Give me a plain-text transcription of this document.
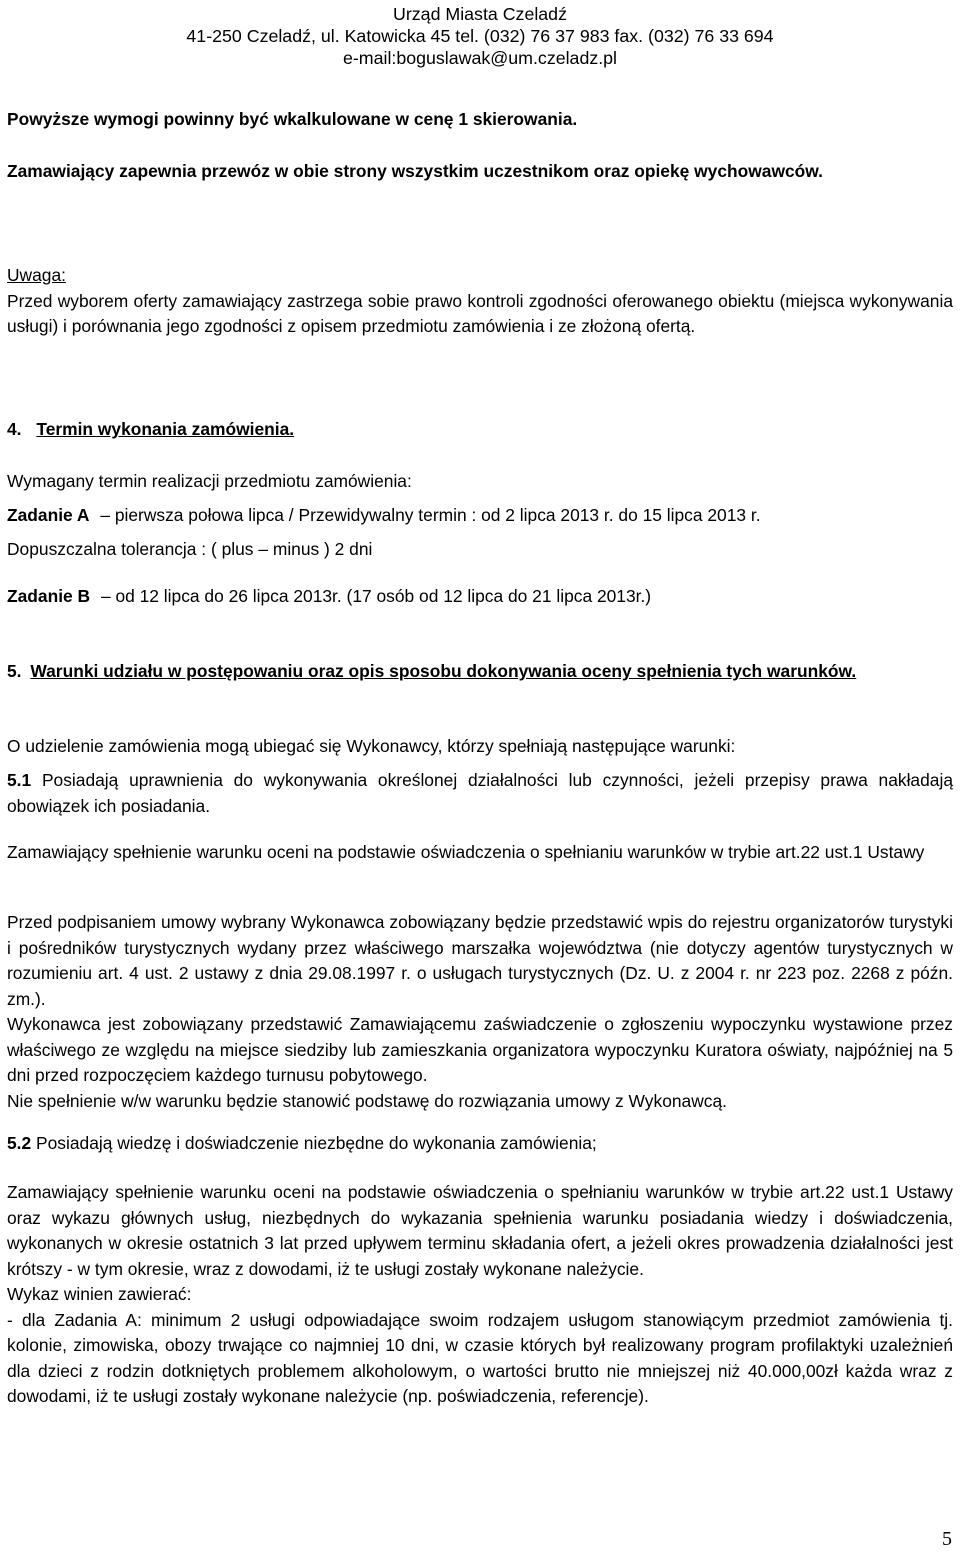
Urząd Miasta Czeladź
41-250 Czeladź, ul. Katowicka 45 tel. (032) 76 37 983 fax. (032) 76 33 694
e-mail:boguslawak@um.czeladz.pl

Powyższe wymogi powinny być wkalkulowane w cenę 1 skierowania.

Zamawiający zapewnia przewóz w obie strony wszystkim uczestnikom oraz opiekę wychowawców.

Uwaga:

Przed wyborem oferty zamawiający zastrzega sobie prawo kontroli zgodności oferowanego obiektu (miejsca wykonywania usługi) i porównania jego zgodności z opisem przedmiotu zamówienia i ze złożoną ofertą.

4. Termin wykonania zamówienia.

Wymagany termin realizacji przedmiotu zamówienia:

Zadanie A – pierwsza połowa lipca / Przewidywalny termin : od 2 lipca 2013 r. do 15 lipca 2013 r.

Dopuszczalna tolerancja : ( plus – minus ) 2 dni

Zadanie B – od 12 lipca do 26 lipca 2013r. (17 osób od 12 lipca do 21 lipca 2013r.)

5. Warunki udziału w postępowaniu oraz opis sposobu dokonywania oceny spełnienia tych warunków.

O udzielenie zamówienia mogą ubiegać się Wykonawcy, którzy spełniają następujące warunki:

5.1 Posiadają uprawnienia do wykonywania określonej działalności lub czynności, jeżeli przepisy prawa nakładają obowiązek ich posiadania.

Zamawiający spełnienie warunku oceni na podstawie oświadczenia o spełnianiu warunków w trybie art.22 ust.1 Ustawy

Przed podpisaniem umowy wybrany Wykonawca zobowiązany będzie przedstawić wpis do rejestru organizatorów turystyki i pośredników turystycznych wydany przez właściwego marszałka województwa (nie dotyczy agentów turystycznych w rozumieniu art. 4 ust. 2 ustawy z dnia 29.08.1997 r. o usługach turystycznych (Dz. U. z 2004 r. nr 223 poz. 2268 z późn. zm.).

Wykonawca jest zobowiązany przedstawić Zamawiającemu zaświadczenie o zgłoszeniu wypoczynku wystawione przez właściwego ze względu na miejsce siedziby lub zamieszkania organizatora wypoczynku Kuratora oświaty, najpóźniej na 5 dni przed rozpoczęciem każdego turnusu pobytowego.

Nie spełnienie w/w warunku będzie stanowić podstawę do rozwiązania umowy z Wykonawcą.

5.2 Posiadają wiedzę i doświadczenie niezbędne do wykonania zamówienia;

Zamawiający spełnienie warunku oceni na podstawie oświadczenia o spełnianiu warunków w trybie art.22 ust.1 Ustawy oraz wykazu głównych usług, niezbędnych do wykazania spełnienia warunku posiadania wiedzy i doświadczenia, wykonanych w okresie ostatnich 3 lat przed upływem terminu składania ofert, a jeżeli okres prowadzenia działalności jest krótszy - w tym okresie, wraz z dowodami, iż te usługi zostały wykonane należycie.

Wykaz winien zawierać:

- dla Zadania A: minimum 2 usługi odpowiadające swoim rodzajem usługom stanowiącym przedmiot zamówienia tj. kolonie, zimowiska, obozy trwające co najmniej 10 dni, w czasie których był realizowany program profilaktyki uzależnień dla dzieci z rodzin dotkniętych problemem alkoholowym, o wartości brutto nie mniejszej niż 40.000,00zł każda wraz z dowodami, iż te usługi zostały wykonane należycie (np. poświadczenia, referencje).

5
